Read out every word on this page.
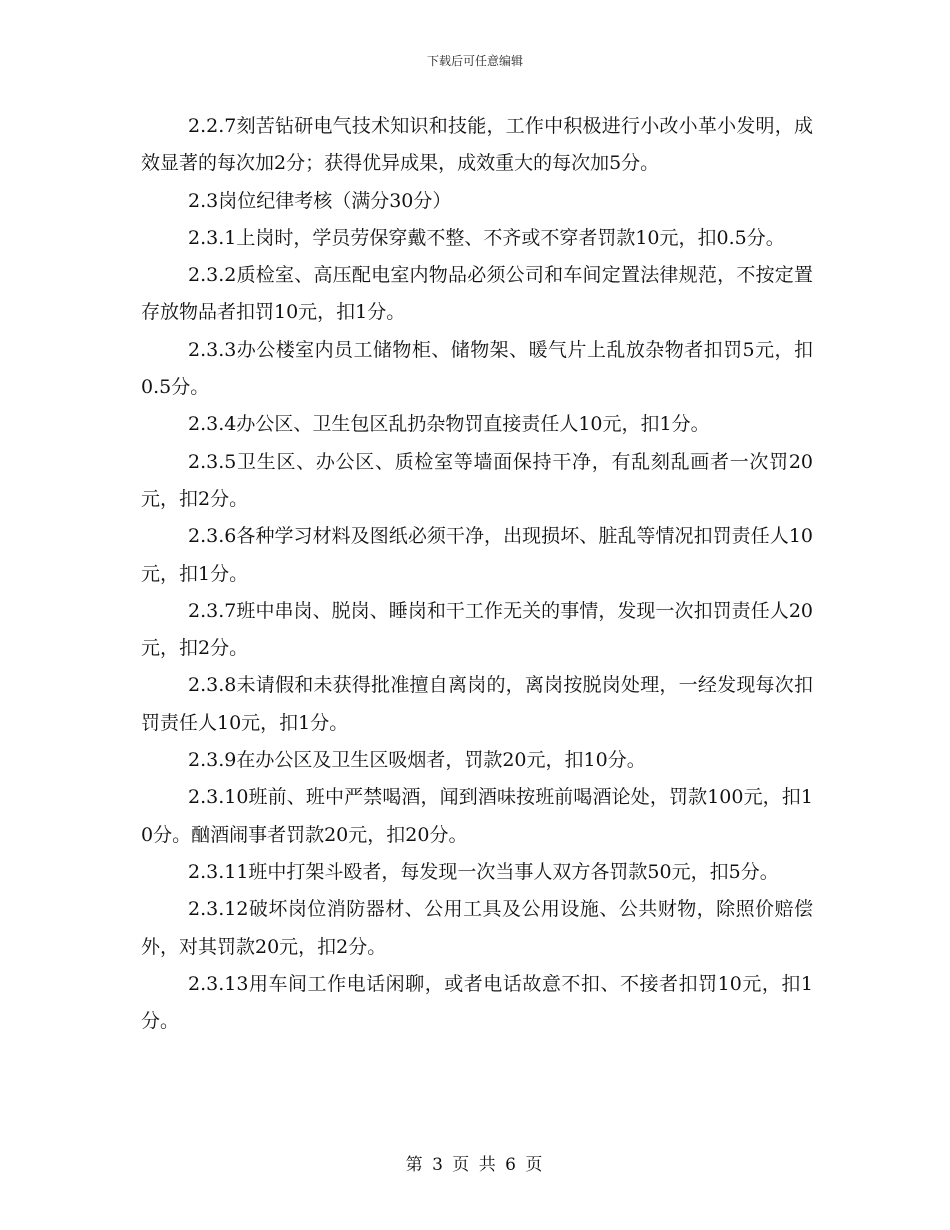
下载后可任意编辑

2.2.7刻苦钻研电气技术知识和技能，工作中积极进行小改小革小发明，成效显著的每次加2分；获得优异成果，成效重大的每次加5分。

2.3岗位纪律考核（满分30分）

2.3.1上岗时，学员劳保穿戴不整、不齐或不穿者罚款10元，扣0.5分。

2.3.2质检室、高压配电室内物品必须公司和车间定置法律规范，不按定置存放物品者扣罚10元，扣1分。

2.3.3办公楼室内员工储物柜、储物架、暖气片上乱放杂物者扣罚5元，扣0.5分。

2.3.4办公区、卫生包区乱扔杂物罚直接责任人10元，扣1分。

2.3.5卫生区、办公区、质检室等墙面保持干净，有乱刻乱画者一次罚20元，扣2分。

2.3.6各种学习材料及图纸必须干净，出现损坏、脏乱等情况扣罚责任人10元，扣1分。

2.3.7班中串岗、脱岗、睡岗和干工作无关的事情，发现一次扣罚责任人20元，扣2分。

2.3.8未请假和未获得批准擅自离岗的，离岗按脱岗处理，一经发现每次扣罚责任人10元，扣1分。

2.3.9在办公区及卫生区吸烟者，罚款20元，扣10分。

2.3.10班前、班中严禁喝酒，闻到酒味按班前喝酒论处，罚款100元，扣10分。酗酒闹事者罚款20元，扣20分。

2.3.11班中打架斗殴者，每发现一次当事人双方各罚款50元，扣5分。

2.3.12破坏岗位消防器材、公用工具及公用设施、公共财物，除照价赔偿外，对其罚款20元，扣2分。

2.3.13用车间工作电话闲聊，或者电话故意不扣、不接者扣罚10元，扣1分。

第 3 页 共 6 页
